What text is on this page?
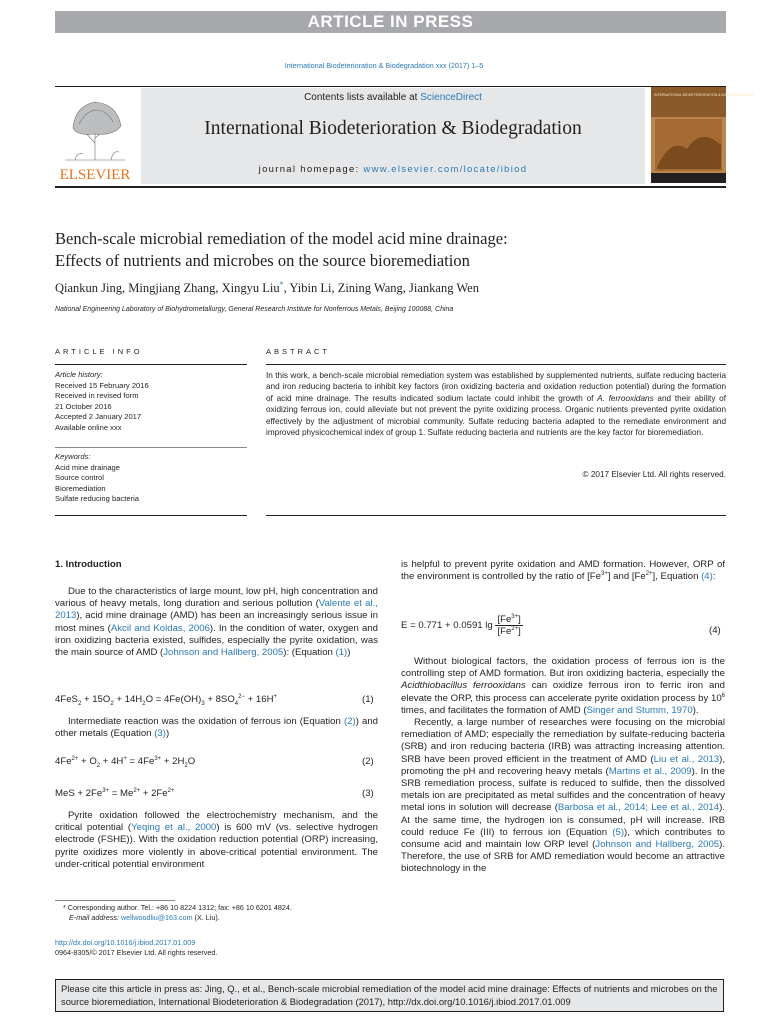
ARTICLE IN PRESS
International Biodeterioration & Biodegradation xxx (2017) 1–5
ELSEVIER
Contents lists available at ScienceDirect
International Biodeterioration & Biodegradation
journal homepage: www.elsevier.com/locate/ibiod
INTERNATIONAL BIODETERIORATION & BIODEGRADATION
Bench-scale microbial remediation of the model acid mine drainage:
Effects of nutrients and microbes on the source bioremediation
Qiankun Jing, Mingjiang Zhang, Xingyu Liu*, Yibin Li, Zining Wang, Jiankang Wen
National Engineering Laboratory of Biohydrometallurgy, General Research Institute for Nonferrous Metals, Beijing 100088, China
ARTICLE INFO	ABSTRACT
Article history:
Received 15 February 2016
Received in revised form
21 October 2016
Accepted 2 January 2017
Available online xxx
Keywords:
Acid mine drainage
Source control
Bioremediation
Sulfate reducing bacteria
In this work, a bench-scale microbial remediation system was established by supplemented nutrients, sulfate reducing bacteria and iron reducing bacteria to inhibit key factors (iron oxidizing bacteria and oxidation reduction potential) during the formation of acid mine drainage. The results indicated sodium lactate could inhibit the growth of A. ferrooxidans and their ability of oxidizing ferrous ion, could alleviate but not prevent the pyrite oxidizing process. Organic nutrients prevented pyrite oxidation effectively by the adjustment of microbial community. Sulfate reducing bacteria adapted to the remediate environment and improved physicochemical index of group 1. Sulfate reducing bacteria and nutrients are the key factor for bioremediation.
© 2017 Elsevier Ltd. All rights reserved.
1. Introduction

Due to the characteristics of large mount, low pH, high concentration and various of heavy metals, long duration and serious pollution (Valente et al., 2013), acid mine drainage (AMD) has been an increasingly serious issue in most mines (Akcil and Koldas, 2006). In the condition of water, oxygen and iron oxidizing bacteria existed, sulfides, especially the pyrite oxidation, was the main source of AMD (Johnson and Hallberg, 2005): (Equation (1))

$4FeS_2 + 15O_2 + 14H_2O = 4Fe(OH)_3 + 8SO_4^{2-} + 16H^+$	(1)

Intermediate reaction was the oxidation of ferrous ion (Equation (2)) and other metals (Equation (3))

$4Fe^{2+} + O_2 + 4H^+ = 4Fe^{3+} + 2H_2O$	(2)
MeS + $2Fe^{3+} = Me^{2+} + 2Fe^{2+}$	(3)

Pyrite oxidation followed the electrochemistry mechanism, and the critical potential (Yeqing et al., 2000) is 600 mV (vs. selective hydrogen electrode (FSHE)). With the oxidation reduction potential (ORP) increasing, pyrite oxidizes more violently in above-critical potential environment. The under-critical potential environment

is helpful to prevent pyrite oxidation and AMD formation. However, ORP of the environment is controlled by the ratio of $[Fe^{3+}]$ and $[Fe^{2+}]$, Equation (4):

E = 0.771 + 0.0591 $\lg \frac{[Fe^{3+}]}{[Fe^{2+}]}$	(4)

Without biological factors, the oxidation process of ferrous ion is the controlling step of AMD formation. But iron oxidizing bacteria, especially the Acidthiobacillus ferrooxidans can oxidize ferrous iron to ferric iron and elevate the ORP, this process can accelerate pyrite oxidation process by $10^6$ times, and facilitates the formation of AMD (Singer and Stumm, 1970).

Recently, a large number of researches were focusing on the microbial remediation of AMD; especially the remediation by sulfate-reducing bacteria (SRB) and iron reducing bacteria (IRB) was attracting increasing attention. SRB have been proved efficient in the treatment of AMD (Liu et al., 2013), promoting the pH and recovering heavy metals (Martins et al., 2009). In the SRB remediation process, sulfate is reduced to sulfide, then the dissolved metals ion are precipitated as metal sulfides and the concentration of heavy metal ions in solution will decrease (Barbosa et al., 2014; Lee et al., 2014). At the same time, the hydrogen ion is consumed, pH will increase. IRB could reduce Fe (III) to ferrous ion (Equation (5)), which contributes to consume acid and maintain low ORP level (Johnson and Hallberg, 2005). Therefore, the use of SRB for AMD remediation would become an attractive biotechnology in the

* Corresponding author. Tel.: +86 10 8224 1312; fax: +86 10 6201 4824.
E-mail address: wellwoodliu@163.com (X. Liu).
http://dx.doi.org/10.1016/j.ibiod.2017.01.009
0964-8305/© 2017 Elsevier Ltd. All rights reserved.
Please cite this article in press as: Jing, Q., et al., Bench-scale microbial remediation of the model acid mine drainage: Effects of nutrients and microbes on the source bioremediation, International Biodeterioration & Biodegradation (2017), http://dx.doi.org/10.1016/j.ibiod.2017.01.009
